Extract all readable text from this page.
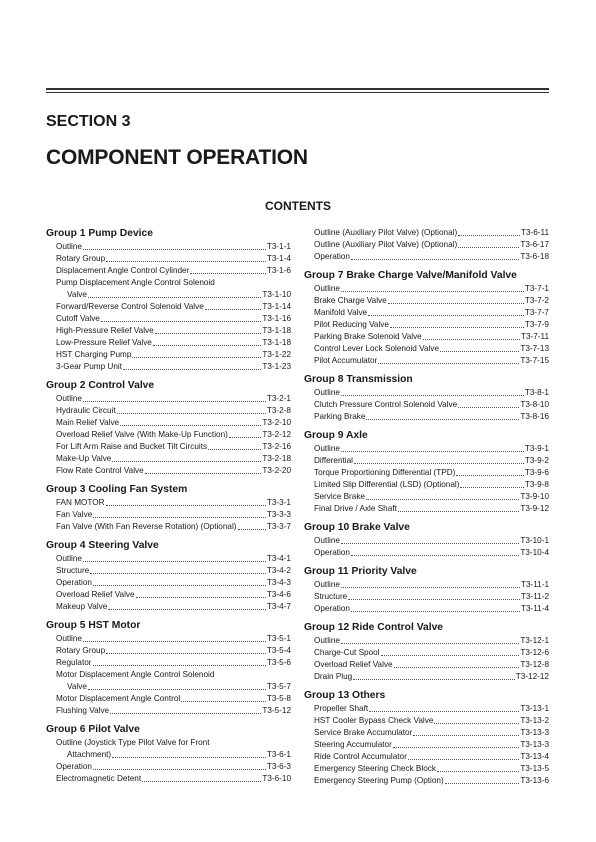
SECTION 3
COMPONENT OPERATION
CONTENTS
Group 1 Pump Device
Outline	T3-1-1
Rotary Group	T3-1-4
Displacement Angle Control Cylinder	T3-1-6
Pump Displacement Angle Control Solenoid
Valve	T3-1-10
Forward/Reverse Control Solenoid Valve	T3-1-14
Cutoff Valve	T3-1-16
High-Pressure Relief Valve	T3-1-18
Low-Pressure Relief Valve	T3-1-18
HST Charging Pump	T3-1-22
3-Gear Pump Unit	T3-1-23
Group 2 Control Valve
Outline	T3-2-1
Hydraulic Circuit	T3-2-8
Main Relief Valve	T3-2-10
Overload Relief Valve (With Make-Up Function)	T3-2-12
For Lift Arm Raise and Bucket Tilt Circuits	T3-2-16
Make-Up Valve	T3-2-18
Flow Rate Control Valve	T3-2-20
Group 3 Cooling Fan System
FAN MOTOR	T3-3-1
Fan Valve	T3-3-3
Fan Valve (With Fan Reverse Rotation) (Optional)	T3-3-7
Group 4 Steering Valve
Outline	T3-4-1
Structure	T3-4-2
Operation	T3-4-3
Overload Relief Valve	T3-4-6
Makeup Valve	T3-4-7
Group 5 HST Motor
Outline	T3-5-1
Rotary Group	T3-5-4
Regulator	T3-5-6
Motor Displacement Angle Control Solenoid
Valve	T3-5-7
Motor Displacement Angle Control	T3-5-8
Flushing Valve	T3-5-12
Group 6 Pilot Valve
Outline (Joystick Type Pilot Valve for Front
Attachment)	T3-6-1
Operation	T3-6-3
Electromagnetic Detent	T3-6-10
Outline (Auxiliary Pilot Valve) (Optional)	T3-6-11
Outline (Auxiliary Pilot Valve) (Optional)	T3-6-17
Operation	T3-6-18
Group 7 Brake Charge Valve/Manifold Valve
Outline	T3-7-1
Brake Charge Valve	T3-7-2
Manifold Valve	T3-7-7
Pilot Reducing Valve	T3-7-9
Parking Brake Solenoid Valve	T3-7-11
Control Lever Lock Solenoid Valve	T3-7-13
Pilot Accumulator	T3-7-15
Group 8 Transmission
Outline	T3-8-1
Clutch Pressure Control Solenoid Valve	T3-8-10
Parking Brake	T3-8-16
Group 9 Axle
Outline	T3-9-1
Differential	T3-9-2
Torque Proportioning Differential (TPD)	T3-9-6
Limited Slip Differential (LSD) (Optional)	T3-9-8
Service Brake	T3-9-10
Final Drive / Axle Shaft	T3-9-12
Group 10 Brake Valve
Outline	T3-10-1
Operation	T3-10-4
Group 11 Priority Valve
Outline	T3-11-1
Structure	T3-11-2
Operation	T3-11-4
Group 12 Ride Control Valve
Outline	T3-12-1
Charge-Cut Spool	T3-12-6
Overload Relief Valve	T3-12-8
Drain Plug	T3-12-12
Group 13 Others
Propeller Shaft	T3-13-1
HST Cooler Bypass Check Valve	T3-13-2
Service Brake Accumulator	T3-13-3
Steering Accumulator	T3-13-3
Ride Control Accumulator	T3-13-4
Emergency Steering Check Block	T3-13-5
Emergency Steering Pump (Option)	T3-13-6
